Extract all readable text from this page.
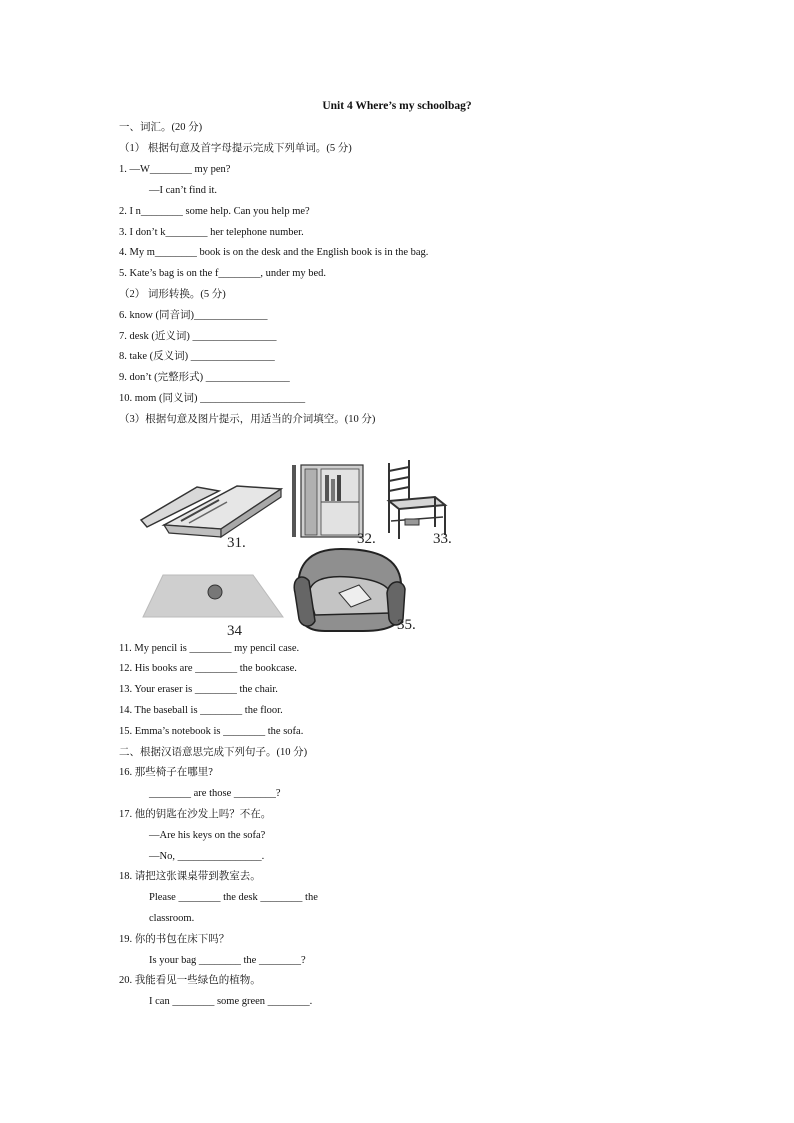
Unit 4 Where’s my schoolbag?
一、词汇。(20 分)
（1） 根据句意及首字母提示完成下列单词。(5 分)
1. —W________ my pen?
—I can’t find it.
2. I n________ some help. Can you help me?
3. I don’t k________ her telephone number.
4. My m________ book is on the desk and the English book is in the bag.
5. Kate’s bag is on the f________, under my bed.
（2） 词形转换。(5 分)
6. know (同音词)______________
7. desk (近义词) ________________
8. take (反义词) ________________
9. don’t (完整形式) ________________
10. mom (同义词) ____________________
（3）根据句意及图片提示，用适当的介词填空。(10 分)
31.	32.	33.
34	35.
11. My pencil is ________ my pencil case.
12. His books are ________ the bookcase.
13. Your eraser is ________ the chair.
14. The baseball is ________ the floor.
15. Emma’s notebook is ________ the sofa.
二、根据汉语意思完成下列句子。(10 分)
16. 那些椅子在哪里?
________ are those ________?
17. 他的钥匙在沙发上吗？不在。
—Are his keys on the sofa?
—No, ________________.
18. 请把这张课桌带到教室去。
Please ________ the desk ________ the
classroom.
19. 你的书包在床下吗？
Is your bag ________ the ________?
20. 我能看见一些绿色的植物。
I can ________ some green ________.
